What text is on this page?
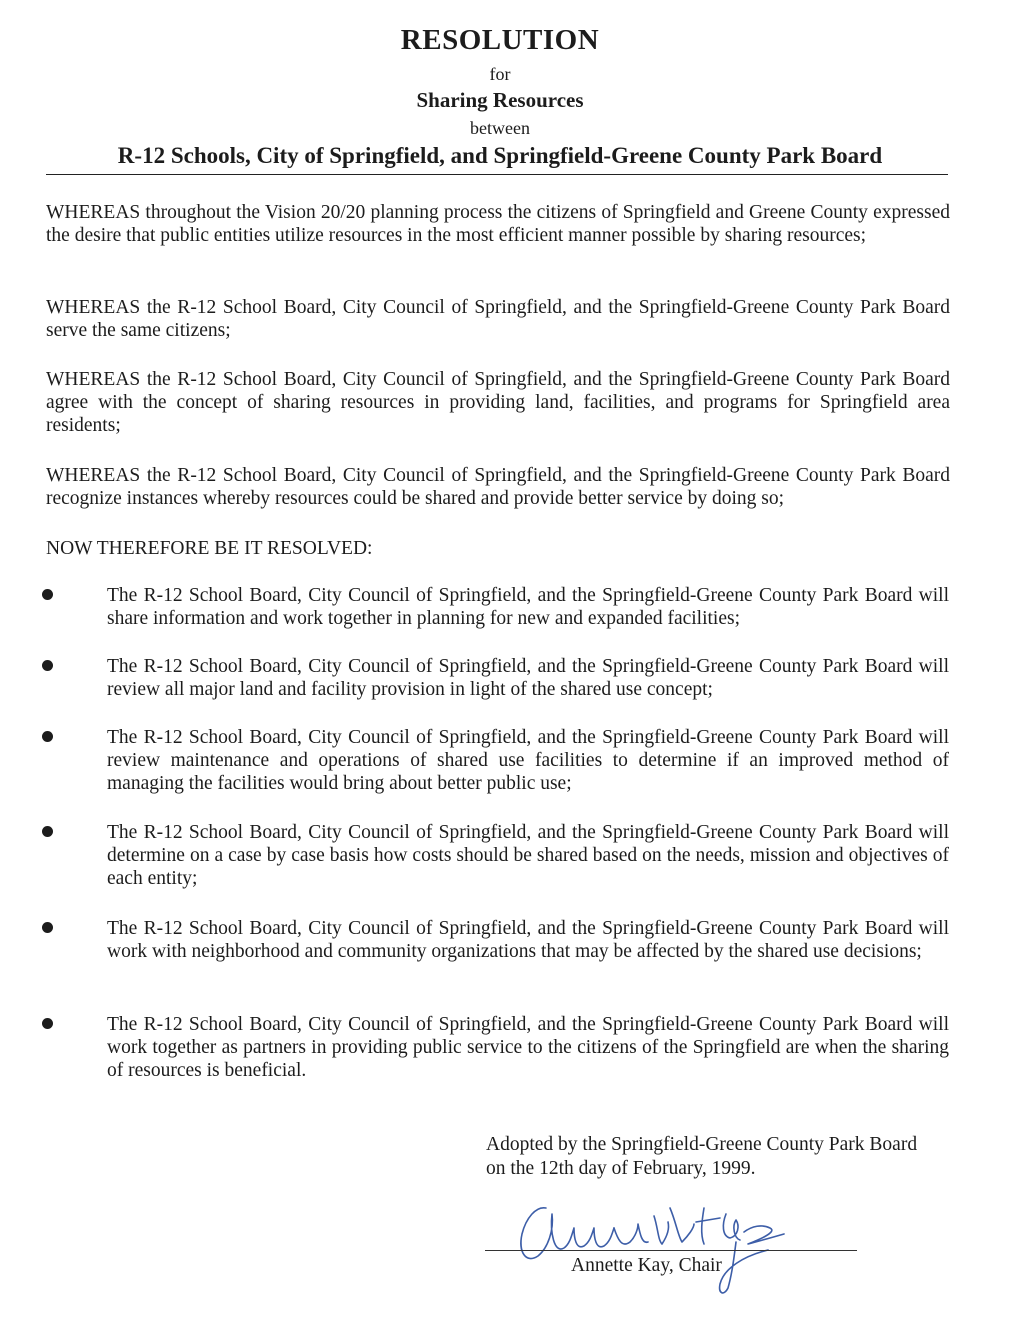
RESOLUTION
for
Sharing Resources
between
R-12 Schools, City of Springfield, and Springfield-Greene County Park Board

WHEREAS throughout the Vision 20/20 planning process the citizens of Springfield and Greene County expressed the desire that public entities utilize resources in the most efficient manner possible by sharing resources;

WHEREAS the R-12 School Board, City Council of Springfield, and the Springfield-Greene County Park Board serve the same citizens;

WHEREAS the R-12 School Board, City Council of Springfield, and the Springfield-Greene County Park Board agree with the concept of sharing resources in providing land, facilities, and programs for Springfield area residents;

WHEREAS the R-12 School Board, City Council of Springfield, and the Springfield-Greene County Park Board recognize instances whereby resources could be shared and provide better service by doing so;

NOW THEREFORE BE IT RESOLVED:

The R-12 School Board, City Council of Springfield, and the Springfield-Greene County Park Board will share information and work together in planning for new and expanded facilities;

The R-12 School Board, City Council of Springfield, and the Springfield-Greene County Park Board will review all major land and facility provision in light of the shared use concept;

The R-12 School Board, City Council of Springfield, and the Springfield-Greene County Park Board will review maintenance and operations of shared use facilities to determine if an improved method of managing the facilities would bring about better public use;

The R-12 School Board, City Council of Springfield, and the Springfield-Greene County Park Board will determine on a case by case basis how costs should be shared based on the needs, mission and objectives of each entity;

The R-12 School Board, City Council of Springfield, and the Springfield-Greene County Park Board will work with neighborhood and community organizations that may be affected by the shared use decisions;

The R-12 School Board, City Council of Springfield, and the Springfield-Greene County Park Board will work together as partners in providing public service to the citizens of the Springfield are when the sharing of resources is beneficial.

Adopted by the Springfield-Greene County Park Board

on the 12th day of February, 1999.

Annette Kay, Chair
